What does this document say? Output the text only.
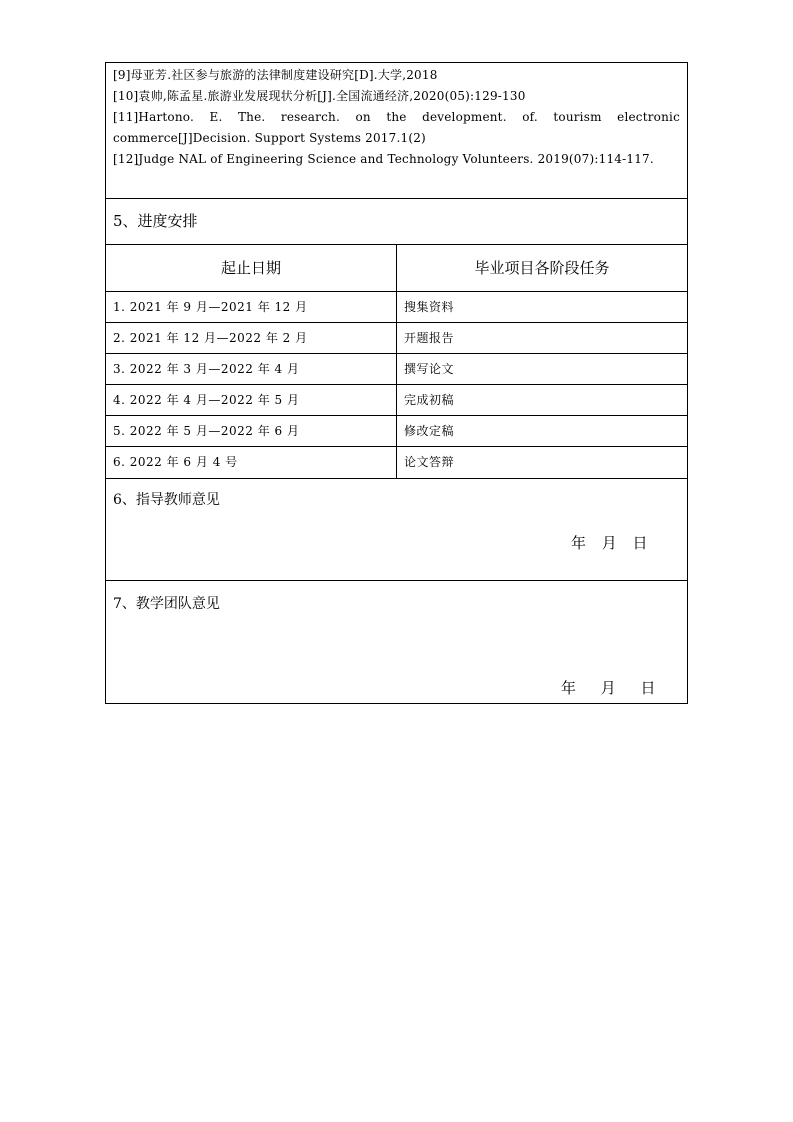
[9]母亚芳.社区参与旅游的法律制度建设研究[D].大学,2018

[10]袁帅,陈孟星.旅游业发展现状分析[J].全国流通经济,2020(05):129-130

[11]Hartono. E. The. research. on the development. of. tourism electronic

commerce[J]Decision. Support Systems 2017.1(2)

[12]Judge NAL of Engineering Science and Technology Volunteers. 2019(07):114-117.

5、进度安排
起止日期	毕业项目各阶段任务
1. 2021 年 9 月—2021 年 12 月	搜集资料
2. 2021 年 12 月—2022 年 2 月	开题报告
3. 2022 年 3 月—2022 年 4 月	撰写论文
4. 2022 年 4 月—2022 年 5 月	完成初稿
5. 2022 年 5 月—2022 年 6 月	修改定稿
6. 2022 年 6 月 4 号	论文答辩
6、指导教师意见
年 月 日
7、教学团队意见
年 月 日
